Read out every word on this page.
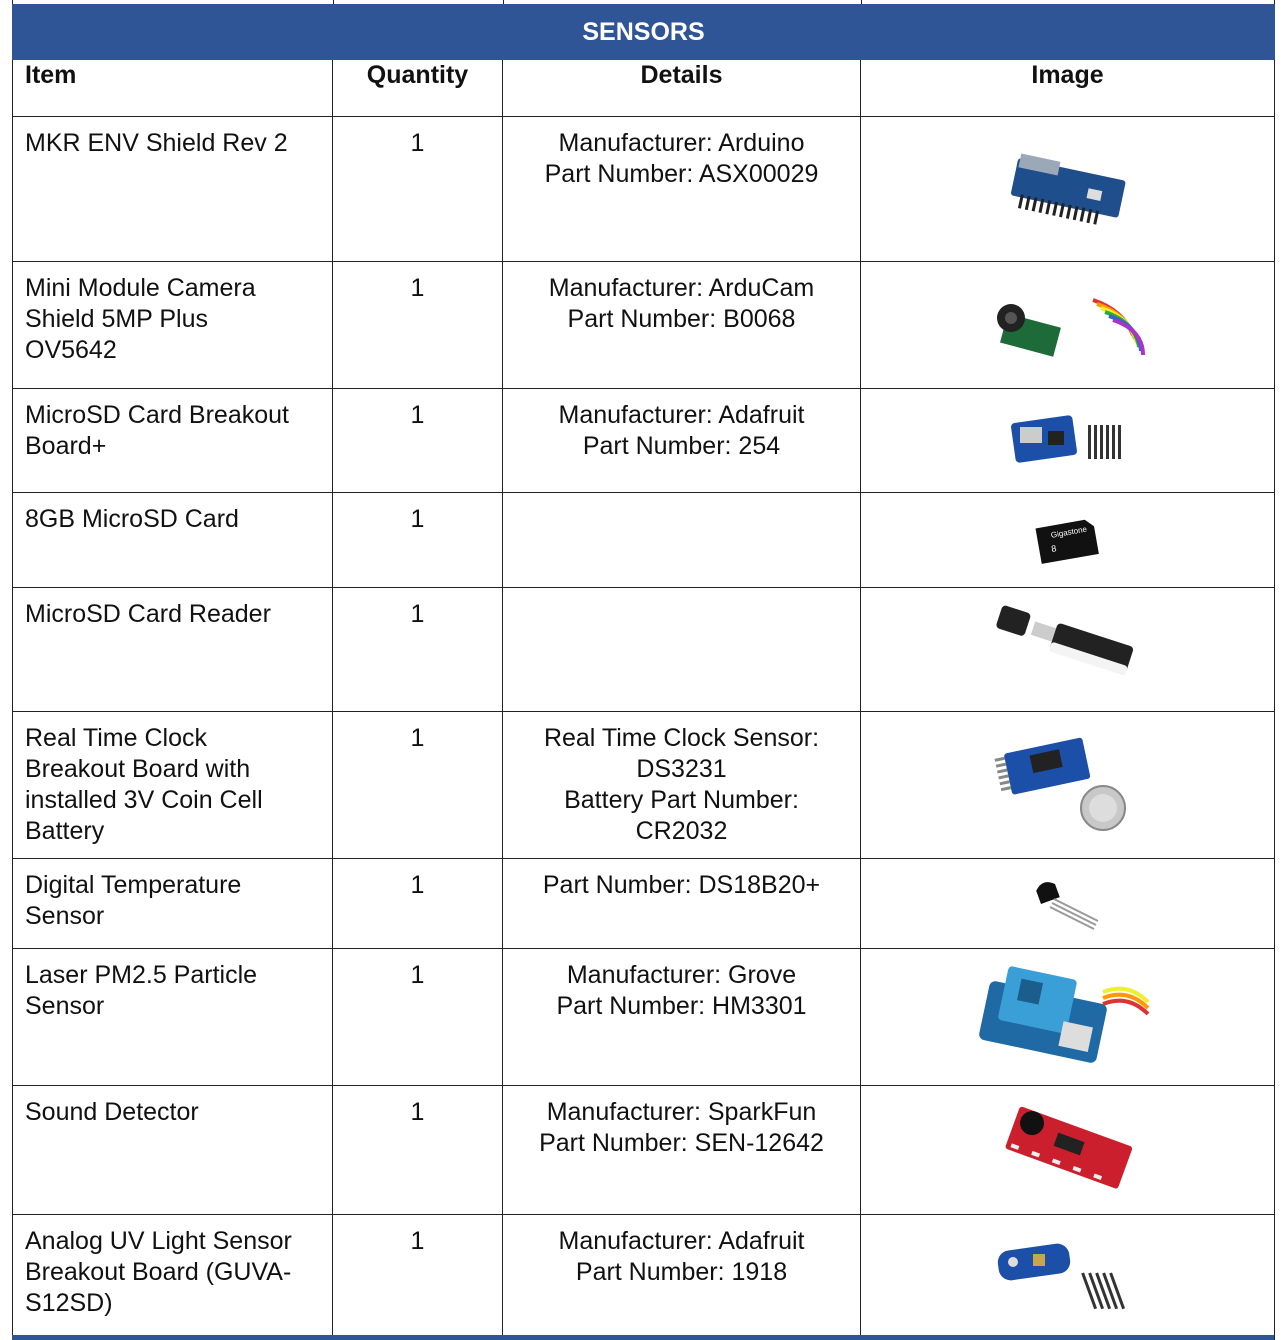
SENSORS			
Item	Quantity	Details	Image

MKR ENV Shield Rev 2	1	Manufacturer: Arduino
Part Number: ASX00029

Mini Module Camera
Shield 5MP Plus
OV5642	1	Manufacturer: ArduCam
Part Number: B0068

MicroSD Card Breakout
Board+	1	Manufacturer: Adafruit
Part Number: 254

8GB MicroSD Card	1		Gigastone
8

MicroSD Card Reader	1		

Real Time Clock
Breakout Board with
installed 3V Coin Cell
Battery	1	Real Time Clock Sensor:
DS3231
Battery Part Number:
CR2032

Digital Temperature
Sensor	1	Part Number: DS18B20+

Laser PM2.5 Particle
Sensor	1	Manufacturer: Grove
Part Number: HM3301

Sound Detector	1	Manufacturer: SparkFun
Part Number: SEN-12642

Analog UV Light Sensor
Breakout Board (GUVA-
S12SD)	1	Manufacturer: Adafruit
Part Number: 1918
